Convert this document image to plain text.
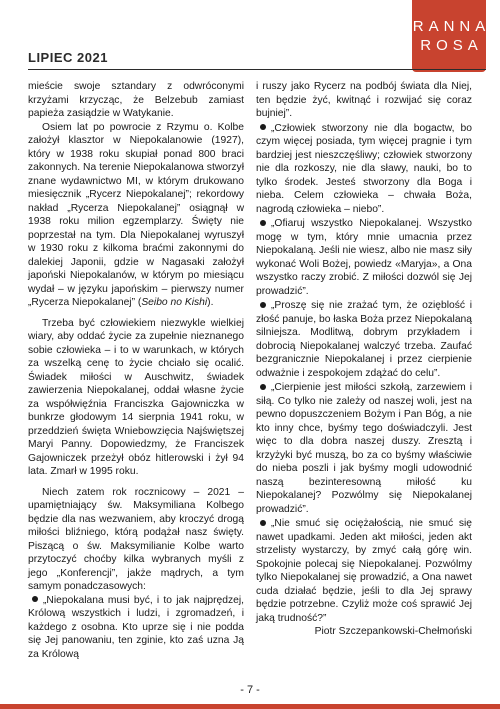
LIPIEC 2021
RANNA
ROSA

mieście swoje sztandary z odwróconymi krzyżami krzycząc, że Belzebub zamiast papieża zasiądzie w Watykanie.

Osiem lat po powrocie z Rzymu o. Kolbe założył klasztor w Niepokalanowie (1927), który w 1938 roku skupiał ponad 800 braci zakonnych. Na terenie Niepokalanowa stworzył znane wydawnictwo MI, w którym drukowano miesięcznik „Rycerz Niepokalanej”; rekordowy nakład „Rycerza Niepokalanej” osiągnął w 1938 roku milion egzemplarzy. Święty nie poprzestał na tym. Dla Niepokalanej wyruszył w 1930 roku z kilkoma braćmi zakonnymi do dalekiej Japonii, gdzie w Nagasaki założył japoński Niepokalanów, w którym po miesiącu wydał – w języku japońskim – pierwszy numer „Rycerza Niepokalanej” (Seibo no Kishi).

Trzeba być człowiekiem niezwykle wielkiej wiary, aby oddać życie za zupełnie nieznanego sobie człowieka – i to w warunkach, w których za wszelką cenę to życie chciało się ocalić. Świadek miłości w Auschwitz, świadek zawierzenia Niepokalanej, oddał własne życie za współwięźnia Franciszka Gajowniczka w bunkrze głodowym 14 sierpnia 1941 roku, w przeddzień święta Wniebowzięcia Najświętszej Maryi Panny. Dopowiedzmy, że Franciszek Gajowniczek przeżył obóz hitlerowski i żył 94 lata. Zmarł w 1995 roku.

Niech zatem rok rocznicowy – 2021 – upamiętniający św. Maksymiliana Kolbego będzie dla nas wezwaniem, aby kroczyć drogą miłości bliźniego, którą podążał nasz święty. Piszącą o św. Maksymilianie Kolbe warto przytoczyć choćby kilka wybranych myśli z jego „Konferencji”, jakże mądrych, a tym samym ponadczasowych:

„Niepokalana musi być, i to jak najprędzej, Królową wszystkich i ludzi, i zgromadzeń, i każdego z osobna. Kto uprze się i nie podda się Jej panowaniu, ten zginie, kto zaś uzna Ją za Królową

i ruszy jako Rycerz na podbój świata dla Niej, ten będzie żyć, kwitnąć i rozwijać się coraz bujniej”.

„Człowiek stworzony nie dla bogactw, bo czym więcej posiada, tym więcej pragnie i tym bardziej jest nieszczęśliwy; człowiek stworzony nie dla rozkoszy, nie dla sławy, nauki, bo to tylko środek. Jesteś stworzony dla Boga i nieba. Celem człowieka – chwała Boża, nagrodą człowieka – niebo”.

„Ofiaruj wszystko Niepokalanej. Wszystko mogę w tym, który mnie umacnia przez Niepokalaną. Jeśli nie wiesz, albo nie masz siły wykonać Woli Bożej, powiedz «Maryja», a Ona wszystko raczy zrobić. Z miłości dozwól się Jej prowadzić”.

„Proszę się nie zrażać tym, że ozięblość i złość panuje, bo łaska Boża przez Niepokalaną silniejsza. Modlitwą, dobrym przykładem i dobrocią Niepokalanej walczyć trzeba. Zaufać bezgranicznie Niepokalanej i przez cierpienie odważnie i zespokojem zdążać do celu”.

„Cierpienie jest miłości szkołą, zarzewiem i siłą. Co tylko nie zależy od naszej woli, jest na pewno dopuszczeniem Bożym i Pan Bóg, a nie kto inny chce, byśmy tego doświadczyli. Jest więc to dla dobra naszej duszy. Zresztą i krzyżyki być muszą, bo za co byśmy właściwie do nieba poszli i jak byśmy mogli udowodnić naszą bezinteresowną miłość ku Niepokalanej? Pozwólmy się Niepokalanej prowadzić”.

„Nie smuć się ociężałością, nie smuć się nawet upadkami. Jeden akt miłości, jeden akt strzelisty wystarczy, by zmyć całą górę win. Spokojnie polecaj się Niepokalanej. Pozwólmy tylko Niepokalanej się prowadzić, a Ona nawet cuda działać będzie, jeśli to dla Jej sprawy będzie potrzebne. Czyliż może coś sprawić Jej jaką trudność?”

Piotr Szczepankowski-Chełmoński

- 7 -
